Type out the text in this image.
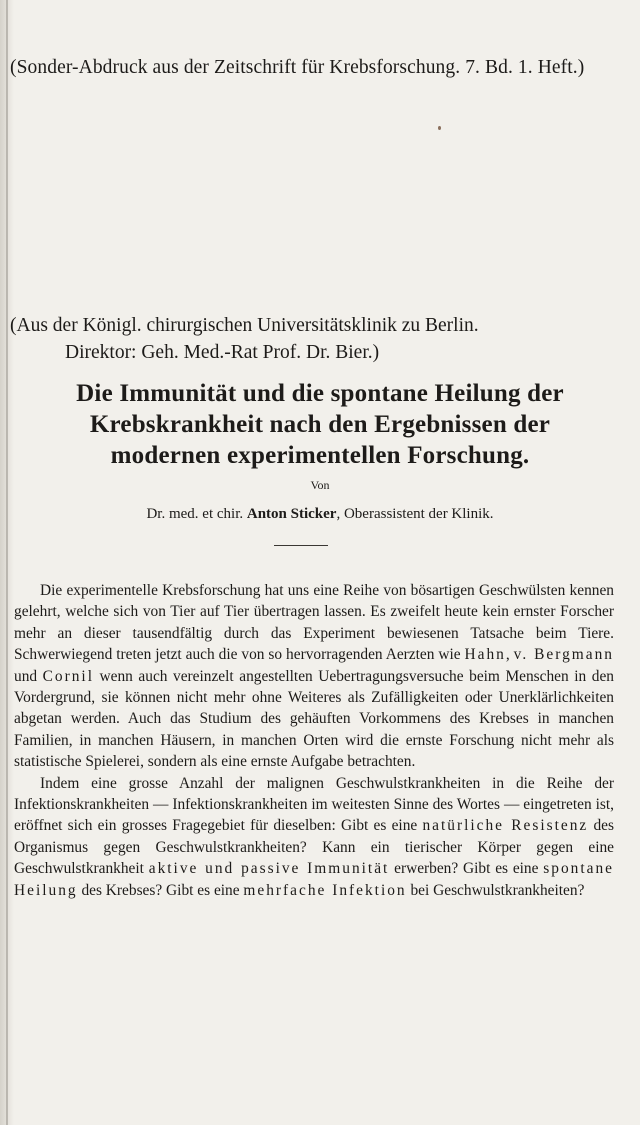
(Sonder-Abdruck aus der Zeitschrift für Krebsforschung. 7. Bd. 1. Heft.)
(Aus der Königl. chirurgischen Universitätsklinik zu Berlin.
Direktor: Geh. Med.-Rat Prof. Dr. Bier.)
Die Immunität und die spontane Heilung der
Krebskrankheit nach den Ergebnissen der
modernen experimentellen Forschung.
Von
Dr. med. et chir. Anton Sticker, Oberassistent der Klinik.

Die experimentelle Krebsforschung hat uns eine Reihe von bösartigen Geschwülsten kennen gelehrt, welche sich von Tier auf Tier übertragen lassen. Es zweifelt heute kein ernster Forscher mehr an dieser tausendfältig durch das Experiment bewiesenen Tatsache beim Tiere. Schwerwiegend treten jetzt auch die von so hervorragenden Aerzten wie Hahn, v. Bergmann und Cornil wenn auch vereinzelt angestellten Uebertragungsversuche beim Menschen in den Vordergrund, sie können nicht mehr ohne Weiteres als Zufälligkeiten oder Unerklärlichkeiten abgetan werden. Auch das Studium des gehäuften Vorkommens des Krebses in manchen Familien, in manchen Häusern, in manchen Orten wird die ernste Forschung nicht mehr als statistische Spielerei, sondern als eine ernste Aufgabe betrachten.

Indem eine grosse Anzahl der malignen Geschwulstkrankheiten in die Reihe der Infektionskrankheiten — Infektionskrankheiten im weitesten Sinne des Wortes — eingetreten ist, eröffnet sich ein grosses Fragegebiet für dieselben: Gibt es eine natürliche Resistenz des Organismus gegen Geschwulstkrankheiten? Kann ein tierischer Körper gegen eine Geschwulstkrankheit aktive und passive Immunität erwerben? Gibt es eine spontane Heilung des Krebses? Gibt es eine mehrfache Infektion bei Geschwulstkrankheiten?
